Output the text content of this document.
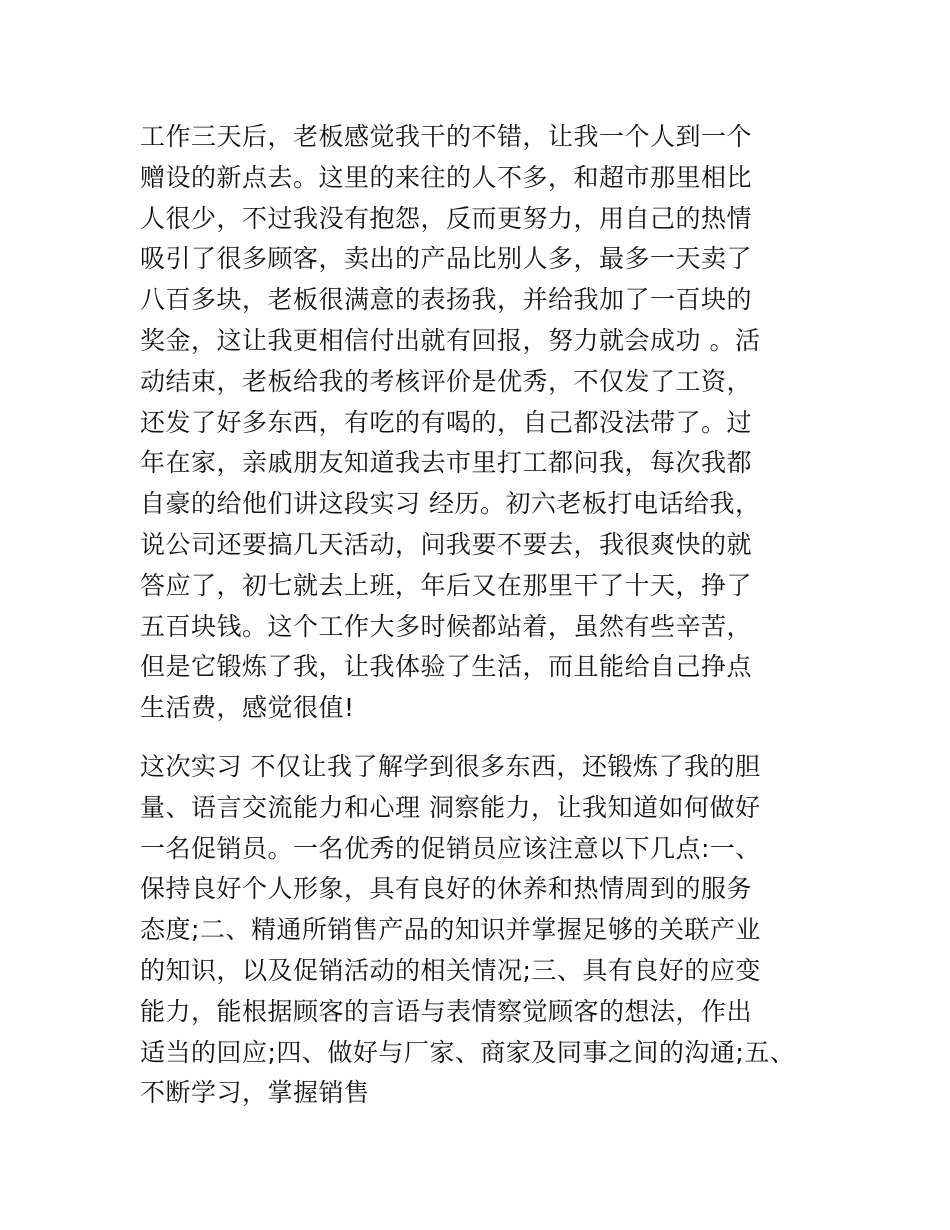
工作三天后，老板感觉我干的不错，让我一个人到一个
赠设的新点去。这里的来往的人不多，和超市那里相比
人很少，不过我没有抱怨，反而更努力，用自己的热情
吸引了很多顾客，卖出的产品比别人多，最多一天卖了
八百多块，老板很满意的表扬我，并给我加了一百块的
奖金，这让我更相信付出就有回报，努力就会成功 。活
动结束，老板给我的考核评价是优秀，不仅发了工资，
还发了好多东西，有吃的有喝的，自己都没法带了。过
年在家，亲戚朋友知道我去市里打工都问我，每次我都
自豪的给他们讲这段实习 经历。初六老板打电话给我，
说公司还要搞几天活动，问我要不要去，我很爽快的就
答应了，初七就去上班，年后又在那里干了十天，挣了
五百块钱。这个工作大多时候都站着，虽然有些辛苦，
但是它锻炼了我，让我体验了生活，而且能给自己挣点
生活费，感觉很值!
这次实习 不仅让我了解学到很多东西，还锻炼了我的胆
量、语言交流能力和心理 洞察能力，让我知道如何做好
一名促销员。一名优秀的促销员应该注意以下几点:一、
保持良好个人形象，具有良好的休养和热情周到的服务
态度;二、精通所销售产品的知识并掌握足够的关联产业
的知识，以及促销活动的相关情况;三、具有良好的应变
能力，能根据顾客的言语与表情察觉顾客的想法，作出
适当的回应;四、做好与厂家、商家及同事之间的沟通;五、
不断学习，掌握销售
